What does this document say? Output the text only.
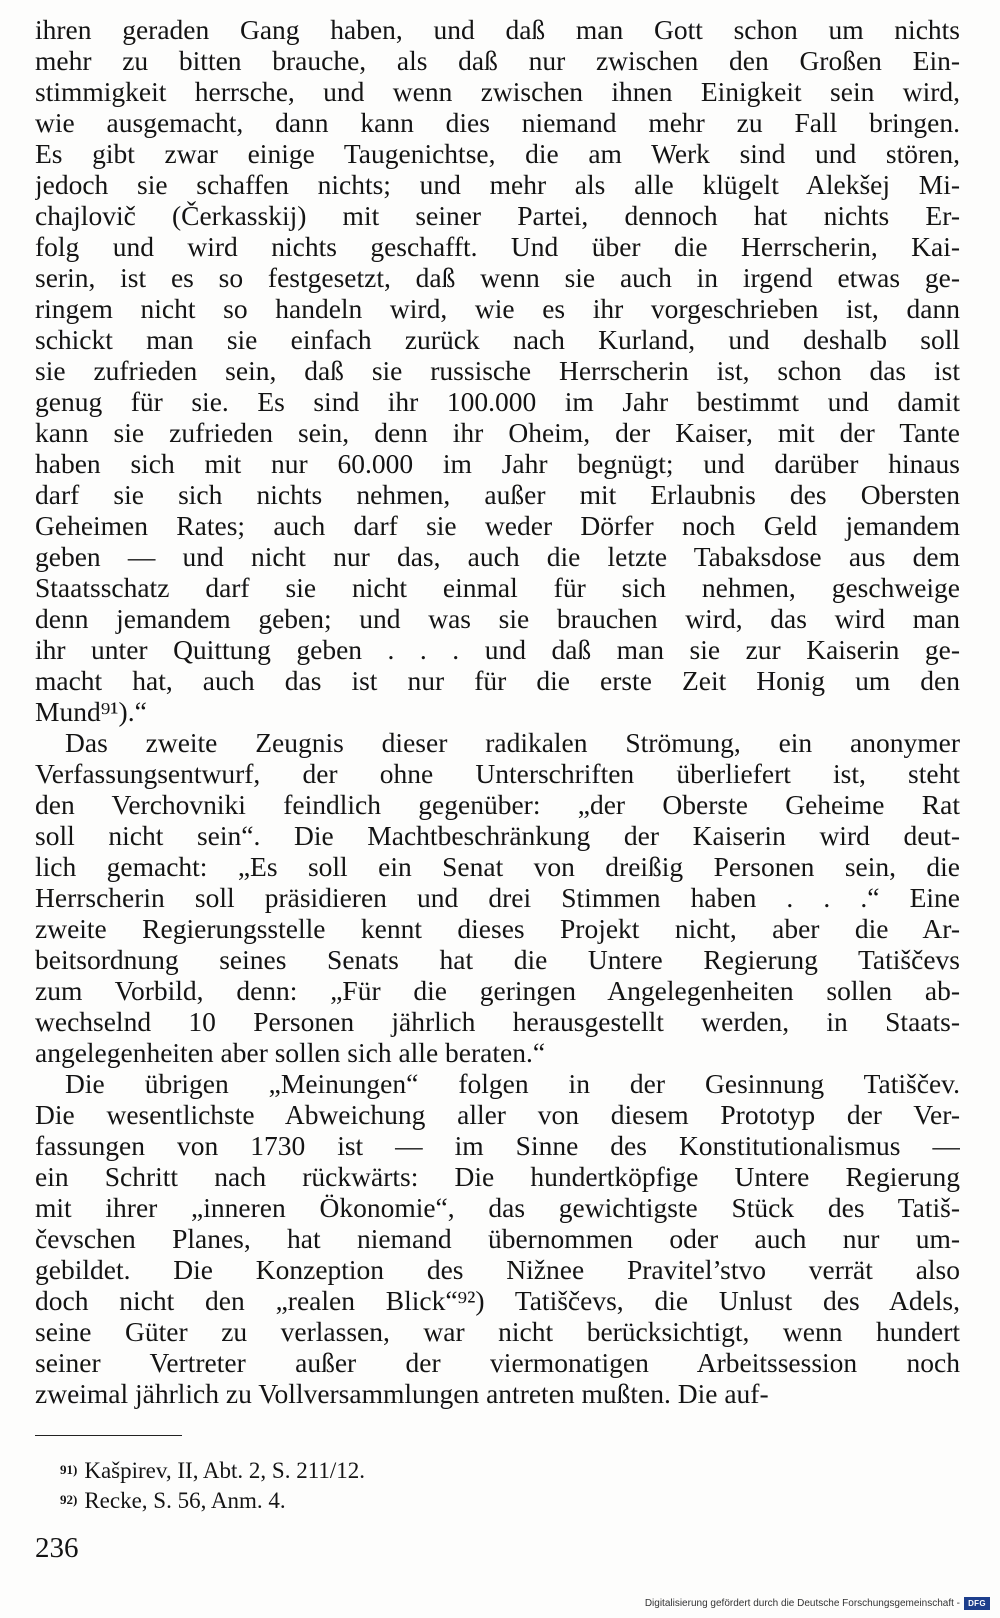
ihren geraden Gang haben, und daß man Gott schon um nichts
mehr zu bitten brauche, als daß nur zwischen den Großen Ein-
stimmigkeit herrsche, und wenn zwischen ihnen Einigkeit sein wird,
wie ausgemacht, dann kann dies niemand mehr zu Fall bringen.
Es gibt zwar einige Taugenichtse, die am Werk sind und stören,
jedoch sie schaffen nichts; und mehr als alle klügelt Alekšej Mi-
chajlovič (Čerkasskij) mit seiner Partei, dennoch hat nichts Er-
folg und wird nichts geschafft. Und über die Herrscherin, Kai-
serin, ist es so festgesetzt, daß wenn sie auch in irgend etwas ge-
ringem nicht so handeln wird, wie es ihr vorgeschrieben ist, dann
schickt man sie einfach zurück nach Kurland, und deshalb soll
sie zufrieden sein, daß sie russische Herrscherin ist, schon das ist
genug für sie. Es sind ihr 100.000 im Jahr bestimmt und damit
kann sie zufrieden sein, denn ihr Oheim, der Kaiser, mit der Tante
haben sich mit nur 60.000 im Jahr begnügt; und darüber hinaus
darf sie sich nichts nehmen, außer mit Erlaubnis des Obersten
Geheimen Rates; auch darf sie weder Dörfer noch Geld jemandem
geben — und nicht nur das, auch die letzte Tabaksdose aus dem
Staatsschatz darf sie nicht einmal für sich nehmen, geschweige
denn jemandem geben; und was sie brauchen wird, das wird man
ihr unter Quittung geben . . . und daß man sie zur Kaiserin ge-
macht hat, auch das ist nur für die erste Zeit Honig um den
Mund⁹¹).“
Das zweite Zeugnis dieser radikalen Strömung, ein anonymer
Verfassungsentwurf, der ohne Unterschriften überliefert ist, steht
den Verchovniki feindlich gegenüber: „der Oberste Geheime Rat
soll nicht sein“. Die Machtbeschränkung der Kaiserin wird deut-
lich gemacht: „Es soll ein Senat von dreißig Personen sein, die
Herrscherin soll präsidieren und drei Stimmen haben . . .“ Eine
zweite Regierungsstelle kennt dieses Projekt nicht, aber die Ar-
beitsordnung seines Senats hat die Untere Regierung Tatiščevs
zum Vorbild, denn: „Für die geringen Angelegenheiten sollen ab-
wechselnd 10 Personen jährlich herausgestellt werden, in Staats-
angelegenheiten aber sollen sich alle beraten.“
Die übrigen „Meinungen“ folgen in der Gesinnung Tatiščev.
Die wesentlichste Abweichung aller von diesem Prototyp der Ver-
fassungen von 1730 ist — im Sinne des Konstitutionalismus —
ein Schritt nach rückwärts: Die hundertköpfige Untere Regierung
mit ihrer „inneren Ökonomie“, das gewichtigste Stück des Tatiš-
čevschen Planes, hat niemand übernommen oder auch nur um-
gebildet. Die Konzeption des Nižnee Pravitel’stvo verrät also
doch nicht den „realen Blick“⁹²) Tatiščevs, die Unlust des Adels,
seine Güter zu verlassen, war nicht berücksichtigt, wenn hundert
seiner Vertreter außer der viermonatigen Arbeitssession noch
zweimal jährlich zu Vollversammlungen antreten mußten. Die auf-
$^{91)}$ Kašpirev, II, Abt. 2, S. 211/12.
$^{92)}$ Recke, S. 56, Anm. 4.
236
Digitalisierung gefördert durch die Deutsche Forschungsgemeinschaft -	DFG
